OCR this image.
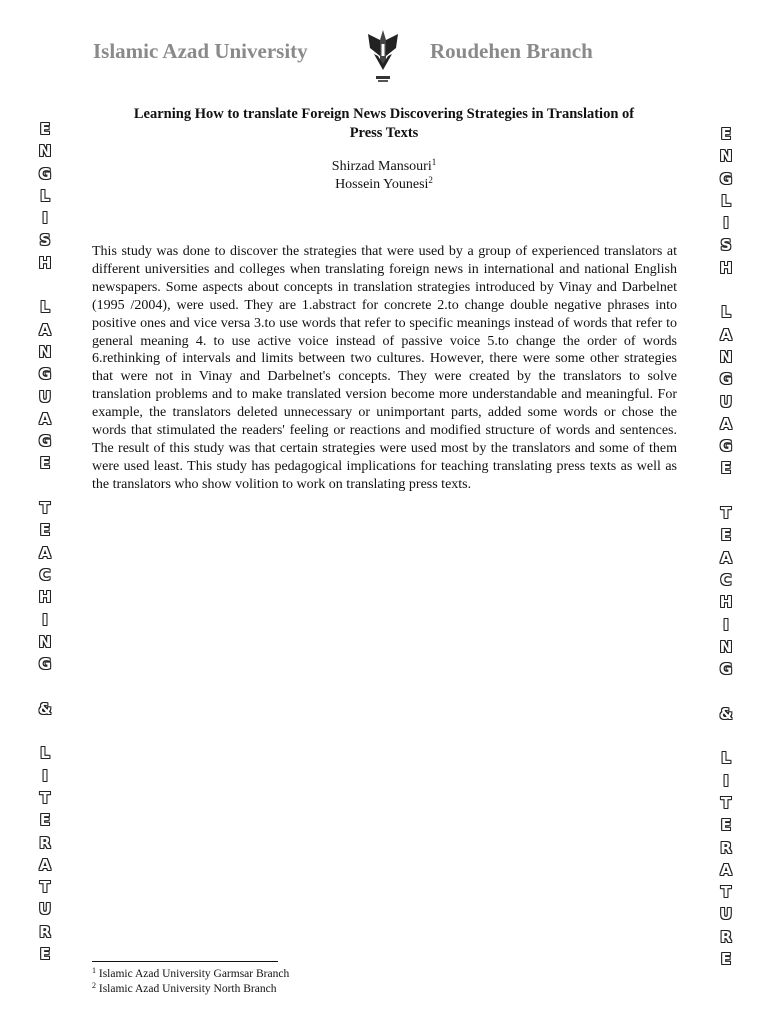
Islamic Azad University	Roudehen Branch
E
N
G
L
I
S
H
L
A
N
G
U
A
G
E
T
E
A
C
H
I
N
G
&
L
I
T
E
R
A
T
U
R
E
E
N
G
L
I
S
H
L
A
N
G
U
A
G
E
T
E
A
C
H
I
N
G
&
L
I
T
E
R
A
T
U
R
E
Learning How to translate Foreign News Discovering Strategies in Translation of
Press Texts
Shirzad Mansouri$^1$
Hossein Younesi$^2$
This study was done to discover the strategies that were used by a group of experienced translators at different universities and colleges when translating foreign news in international and national English newspapers. Some aspects about concepts in translation strategies introduced by Vinay and Darbelnet (1995 /2004), were used. They are 1.abstract for concrete 2.to change double negative phrases into positive ones and vice versa 3.to use words that refer to specific meanings instead of words that refer to general meaning 4. to use active voice instead of passive voice 5.to change the order of words 6.rethinking of intervals and limits between two cultures. However, there were some other strategies that were not in Vinay and Darbelnet's concepts. They were created by the translators to solve translation problems and to make translated version become more understandable and meaningful. For example, the translators deleted unnecessary or unimportant parts, added some words or chose the words that stimulated the readers' feeling or reactions and modified structure of words and sentences. The result of this study was that certain strategies were used most by the translators and some of them were used least. This study has pedagogical implications for teaching translating press texts as well as the translators who show volition to work on translating press texts.
$^1$ Islamic Azad University Garmsar Branch
$^2$ Islamic Azad University North Branch
